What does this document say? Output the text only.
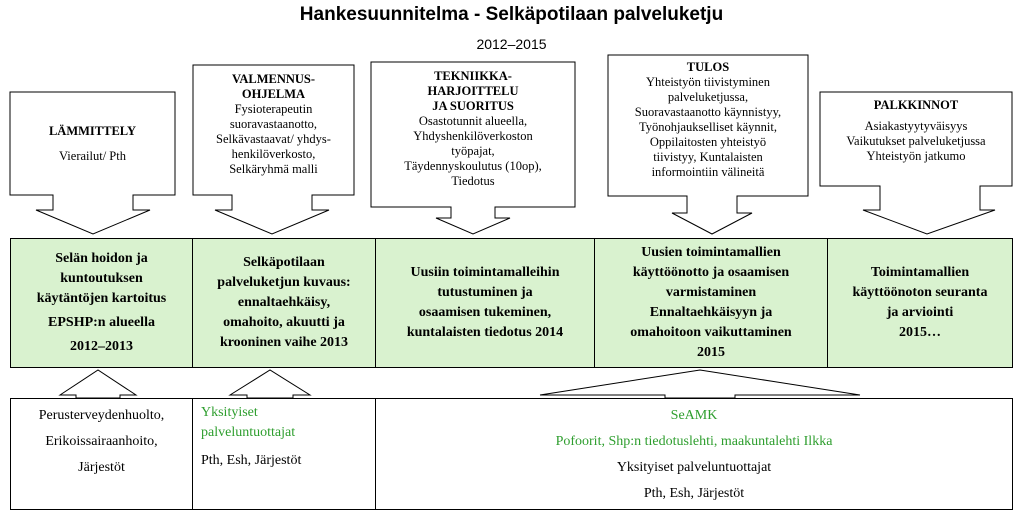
Hankesuunnitelma - Selkäpotilaan palveluketju
2012–2015
LÄMMITTELY
Vierailut/ Pth
VALMENNUS-
OHJELMA
Fysioterapeutin
suoravastaanotto,
Selkävastaavat/ yhdys-
henkilöverkosto,
Selkäryhmä malli
TEKNIIKKA-
HARJOITTELU
JA SUORITUS
Osastotunnit alueella,
Yhdyshenkilöverkoston
työpajat,
Täydennyskoulutus (10op),
Tiedotus
TULOS
Yhteistyön tiivistyminen
palveluketjussa,
Suoravastaanotto käynnistyy,
Työnohjaukselliset käynnit,
Oppilaitosten yhteistyö
tiivistyy, Kuntalaisten
informointiin välineitä
PALKKINNOT
Asiakastyytyväisyys
Vaikutukset palveluketjussa
Yhteistyön jatkumo
Selän hoidon ja
kuntoutuksen
käytäntöjen kartoitus
EPSHP:n alueella
2012–2013
Selkäpotilaan
palveluketjun kuvaus:
ennaltaehkäisy,
omahoito, akuutti ja
krooninen vaihe 2013
Uusiin toimintamalleihin
tutustuminen ja
osaamisen tukeminen,
kuntalaisten tiedotus 2014
Uusien toimintamallien
käyttöönotto ja osaamisen
varmistaminen
Ennaltaehkäisyyn ja
omahoitoon vaikuttaminen
2015
Toimintamallien
käyttöönoton seuranta
ja arviointi
2015…
Perusterveydenhuolto,
Erikoissairaanhoito,
Järjestöt
Yksityiset
palveluntuottajat
Pth, Esh, Järjestöt
SeAMK
Pofoorit, Shp:n tiedotuslehti, maakuntalehti Ilkka
Yksityiset palveluntuottajat
Pth, Esh, Järjestöt
